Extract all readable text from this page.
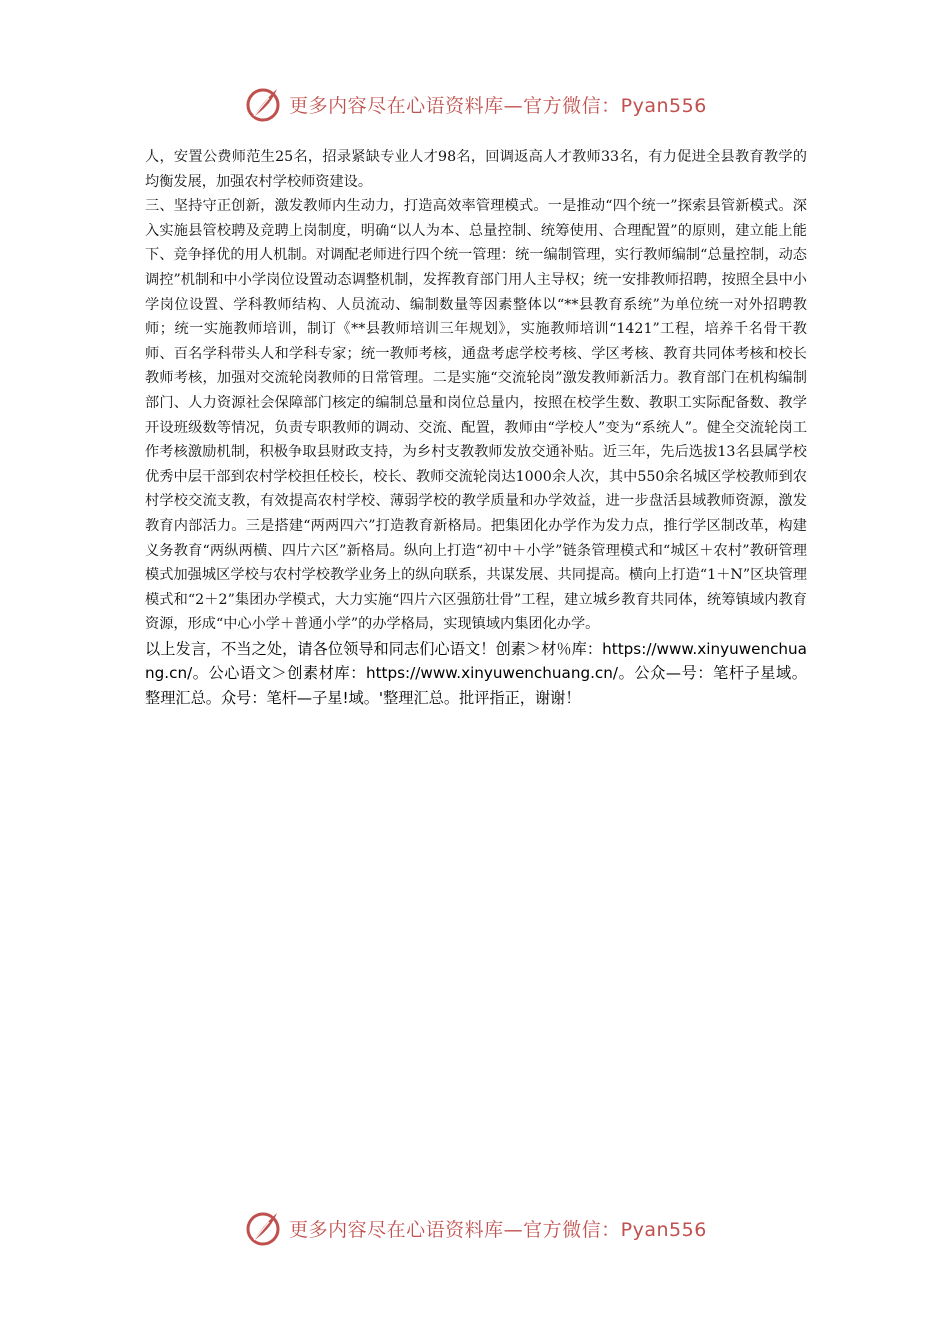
更多内容尽在心语资料库—官方微信：Pyan556

人，安置公费师范生25名，招录紧缺专业人才98名，回调返高人才教师33名，有力促进全县教育教学的均衡发展，加强农村学校师资建设。

三、坚持守正创新，激发教师内生动力，打造高效率管理模式。一是推动“四个统一”探索县管新模式。深入实施县管校聘及竞聘上岗制度，明确“以人为本、总量控制、统筹使用、合理配置”的原则，建立能上能下、竞争择优的用人机制。对调配老师进行四个统一管理：统一编制管理，实行教师编制“总量控制，动态调控”机制和中小学岗位设置动态调整机制，发挥教育部门用人主导权；统一安排教师招聘，按照全县中小学岗位设置、学科教师结构、人员流动、编制数量等因素整体以“**县教育系统”为单位统一对外招聘教师；统一实施教师培训，制订《**县教师培训三年规划》，实施教师培训“1421”工程，培养千名骨干教师、百名学科带头人和学科专家；统一教师考核，通盘考虑学校考核、学区考核、教育共同体考核和校长教师考核，加强对交流轮岗教师的日常管理。二是实施“交流轮岗”激发教师新活力。教育部门在机构编制部门、人力资源社会保障部门核定的编制总量和岗位总量内，按照在校学生数、教职工实际配备数、教学开设班级数等情况，负责专职教师的调动、交流、配置，教师由“学校人”变为“系统人”。健全交流轮岗工作考核激励机制，积极争取县财政支持，为乡村支教教师发放交通补贴。近三年，先后选拔13名县属学校优秀中层干部到农村学校担任校长，校长、教师交流轮岗达1000余人次，其中550余名城区学校教师到农村学校交流支教，有效提高农村学校、薄弱学校的教学质量和办学效益，进一步盘活县域教师资源，激发教育内部活力。三是搭建“两两四六”打造教育新格局。把集团化办学作为发力点，推行学区制改革，构建义务教育“两纵两横、四片六区”新格局。纵向上打造“初中＋小学”链条管理模式和“城区＋农村”教研管理模式加强城区学校与农村学校教学业务上的纵向联系，共谋发展、共同提高。横向上打造“1＋N”区块管理模式和“2＋2”集团办学模式，大力实施“四片六区强筋壮骨”工程，建立城乡教育共同体，统筹镇域内教育资源，形成“中心小学＋普通小学”的办学格局，实现镇域内集团化办学。

以上发言，不当之处，请各位领导和同志们心语文！创素＞材％库：https://www.xinyuwenchuang.cn/。公心语文＞创素材库：https://www.xinyuwenchuang.cn/。公众—号：笔杆子星域。整理汇总。众号：笔杆—子星!域。'整理汇总。批评指正，谢谢！

更多内容尽在心语资料库—官方微信：Pyan556
